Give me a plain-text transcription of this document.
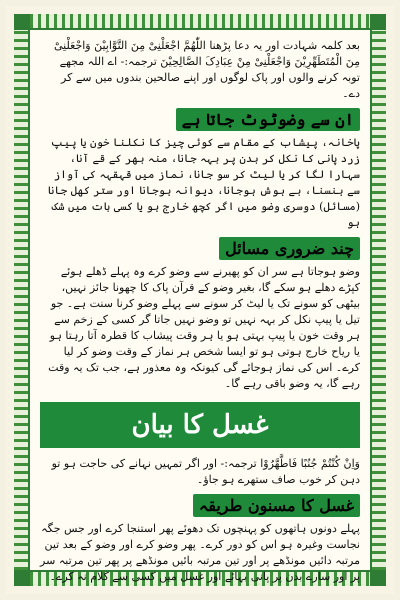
بعد کلمہ شہادت اور یہ دعا پڑھنا اللّٰھُمَّ اجْعَلْنِیْ مِنَ التَّوَّابِیْنَ وَاجْعَلْنِیْ مِنَ الْمُتَطَھِّرِیْنَ وَاجْعَلْنِیْ مِنْ عِبَادِکَ الصَّالِحِیْنَ ترجمہ:- اے اللہ مجھے توبہ کرنے والوں اور پاک لوگوں اور اپنے صالحین بندوں میں سے کر دے۔

ان سے وضوٹوٹ جاتا ہے

پاخانہ، پیشاب کے مقام سے کوئی چیز کا نکلنا خون یا پیپ زرد پانی کا نکل کر بدن پر بہہ جانا، منہ بھر کے قے آنا، سہارا لگا کر یا لیٹ کر سو جانا، نماز میں قہقہہ کی آواز سے ہنسنا، بے ہوش ہوجانا، دیوانہ ہوجانا اور ستر کھل جانا (مسائل) دوسری وضو میں اگر کچھ خارج ہو یا کسی بات میں شک ہو

چند ضروری مسائل

وضو ہوجاتا ہے سر ان کو پھیرنے سے وضو کرے وہ پہلے ڈھلے ہوئے کپڑے دھلے ہو سکے گا، بغیر وضو کے قرآن پاک کا چھونا جائز نہیں، بیٹھی کو سونے تک یا لیٹ کر سونے سے پہلے وضو کرنا سنت ہے۔ جو تیل یا پیپ نکل کر بہہ نہیں تو وضو نہیں جاتا گر کسی کے زخم سے ہر وقت خون یا پیپ بہتی ہو یا ہر وقت پیشاب کا قطرہ آتا رہتا ہو یا ریاح خارج ہوتی ہو تو ایسا شخص ہر نماز کے وقت وضو کر لیا کرے۔ اس کی نماز ہوجائے گی کیونکہ وہ معذور ہے، جب تک یہ وقت رہے گا، یہ وضو باقی رہے گا۔

غسل کا بیان

وَاِنْ کُنْتُمْ جُنُبًا فَاطَّھَّرُوْا ترجمہ:- اور اگر تمہیں نہانے کی حاجت ہو تو دہن کر خوب صاف ستھرے ہو جاؤ۔

غسل کا مسنون طریقہ

پہلے دونوں ہاتھوں کو پہنچوں تک دھوئے پھر استنجا کرے اور جس جگہ نجاست وغیرہ ہو اس کو دور کرے۔ پھر وضو کرے اور وضو کے بعد تین مرتبہ دائیں مونڈھے پر اور تین مرتبہ بائیں مونڈھے پر پھر تین مرتبہ سر پر اور سارے بدن پر پانی بہائے اور غسل میں کسی سے کلام نہ کرے۔
